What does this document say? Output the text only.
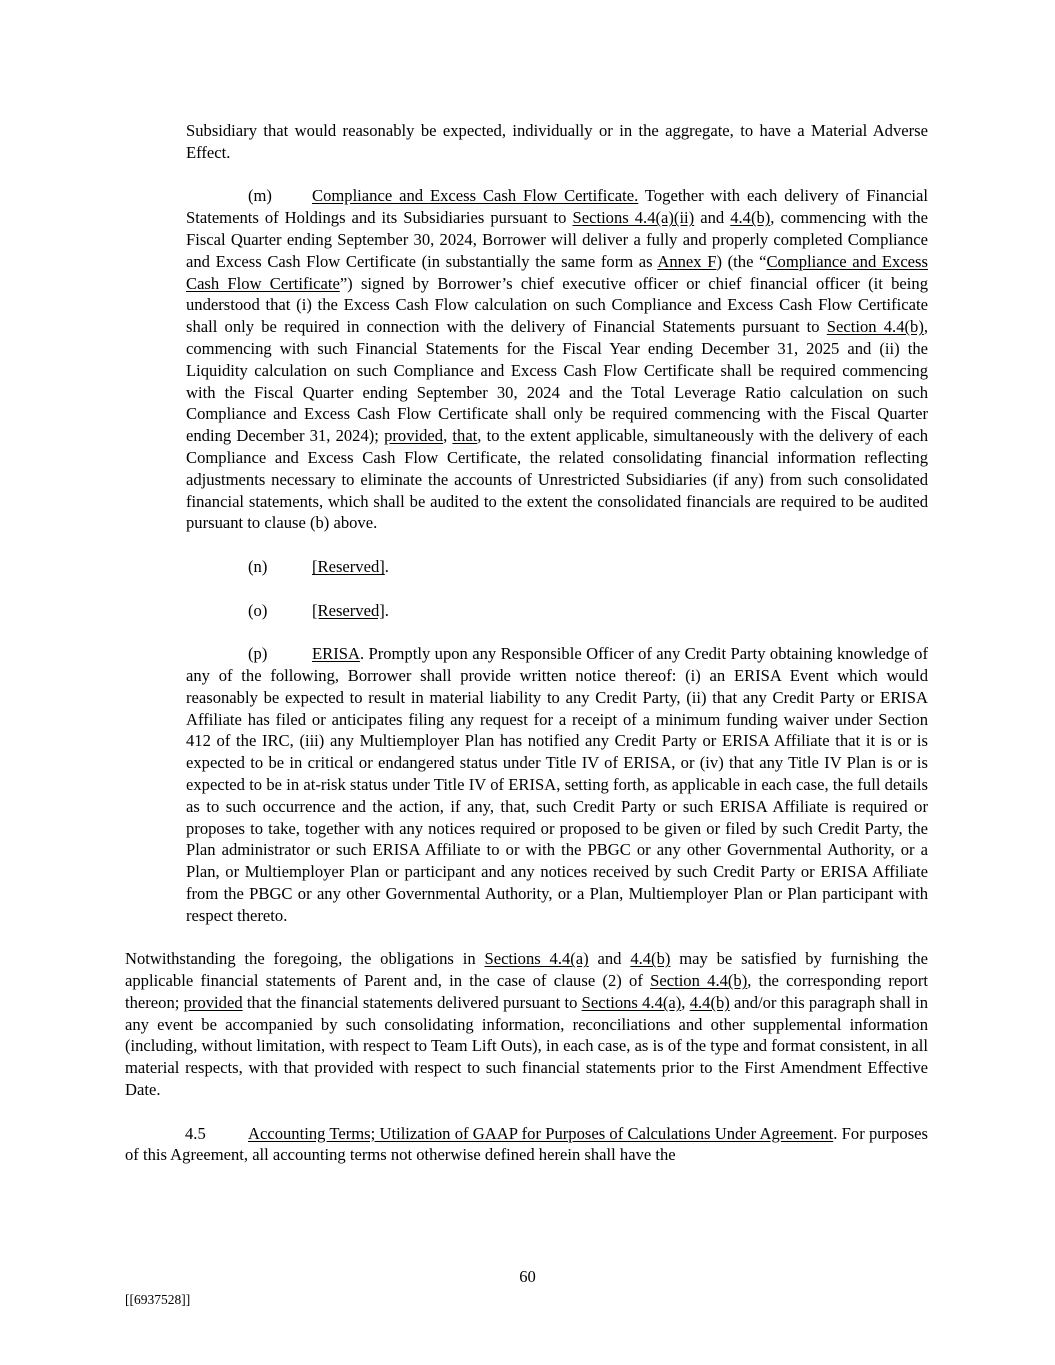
Subsidiary that would reasonably be expected, individually or in the aggregate, to have a Material Adverse Effect.

(m) Compliance and Excess Cash Flow Certificate. Together with each delivery of Financial Statements of Holdings and its Subsidiaries pursuant to Sections 4.4(a)(ii) and 4.4(b), commencing with the Fiscal Quarter ending September 30, 2024, Borrower will deliver a fully and properly completed Compliance and Excess Cash Flow Certificate (in substantially the same form as Annex F) (the “Compliance and Excess Cash Flow Certificate”) signed by Borrower’s chief executive officer or chief financial officer (it being understood that (i) the Excess Cash Flow calculation on such Compliance and Excess Cash Flow Certificate shall only be required in connection with the delivery of Financial Statements pursuant to Section 4.4(b), commencing with such Financial Statements for the Fiscal Year ending December 31, 2025 and (ii) the Liquidity calculation on such Compliance and Excess Cash Flow Certificate shall be required commencing with the Fiscal Quarter ending September 30, 2024 and the Total Leverage Ratio calculation on such Compliance and Excess Cash Flow Certificate shall only be required commencing with the Fiscal Quarter ending December 31, 2024); provided, that, to the extent applicable, simultaneously with the delivery of each Compliance and Excess Cash Flow Certificate, the related consolidating financial information reflecting adjustments necessary to eliminate the accounts of Unrestricted Subsidiaries (if any) from such consolidated financial statements, which shall be audited to the extent the consolidated financials are required to be audited pursuant to clause (b) above.

(n)	[Reserved].

(o)	[Reserved].

(p)	ERISA. Promptly upon any Responsible Officer of any Credit Party obtaining knowledge of any of the following, Borrower shall provide written notice thereof: (i) an ERISA Event which would reasonably be expected to result in material liability to any Credit Party, (ii) that any Credit Party or ERISA Affiliate has filed or anticipates filing any request for a receipt of a minimum funding waiver under Section 412 of the IRC, (iii) any Multiemployer Plan has notified any Credit Party or ERISA Affiliate that it is or is expected to be in critical or endangered status under Title IV of ERISA, or (iv) that any Title IV Plan is or is expected to be in at-risk status under Title IV of ERISA, setting forth, as applicable in each case, the full details as to such occurrence and the action, if any, that, such Credit Party or such ERISA Affiliate is required or proposes to take, together with any notices required or proposed to be given or filed by such Credit Party, the Plan administrator or such ERISA Affiliate to or with the PBGC or any other Governmental Authority, or a Plan, or Multiemployer Plan or participant and any notices received by such Credit Party or ERISA Affiliate from the PBGC or any other Governmental Authority, or a Plan, Multiemployer Plan or Plan participant with respect thereto.

Notwithstanding the foregoing, the obligations in Sections 4.4(a) and 4.4(b) may be satisfied by furnishing the applicable financial statements of Parent and, in the case of clause (2) of Section 4.4(b), the corresponding report thereon; provided that the financial statements delivered pursuant to Sections 4.4(a), 4.4(b) and/or this paragraph shall in any event be accompanied by such consolidating information, reconciliations and other supplemental information (including, without limitation, with respect to Team Lift Outs), in each case, as is of the type and format consistent, in all material respects, with that provided with respect to such financial statements prior to the First Amendment Effective Date.

4.5	Accounting Terms; Utilization of GAAP for Purposes of Calculations Under Agreement. For purposes of this Agreement, all accounting terms not otherwise defined herein shall have the

60
[[6937528]]
